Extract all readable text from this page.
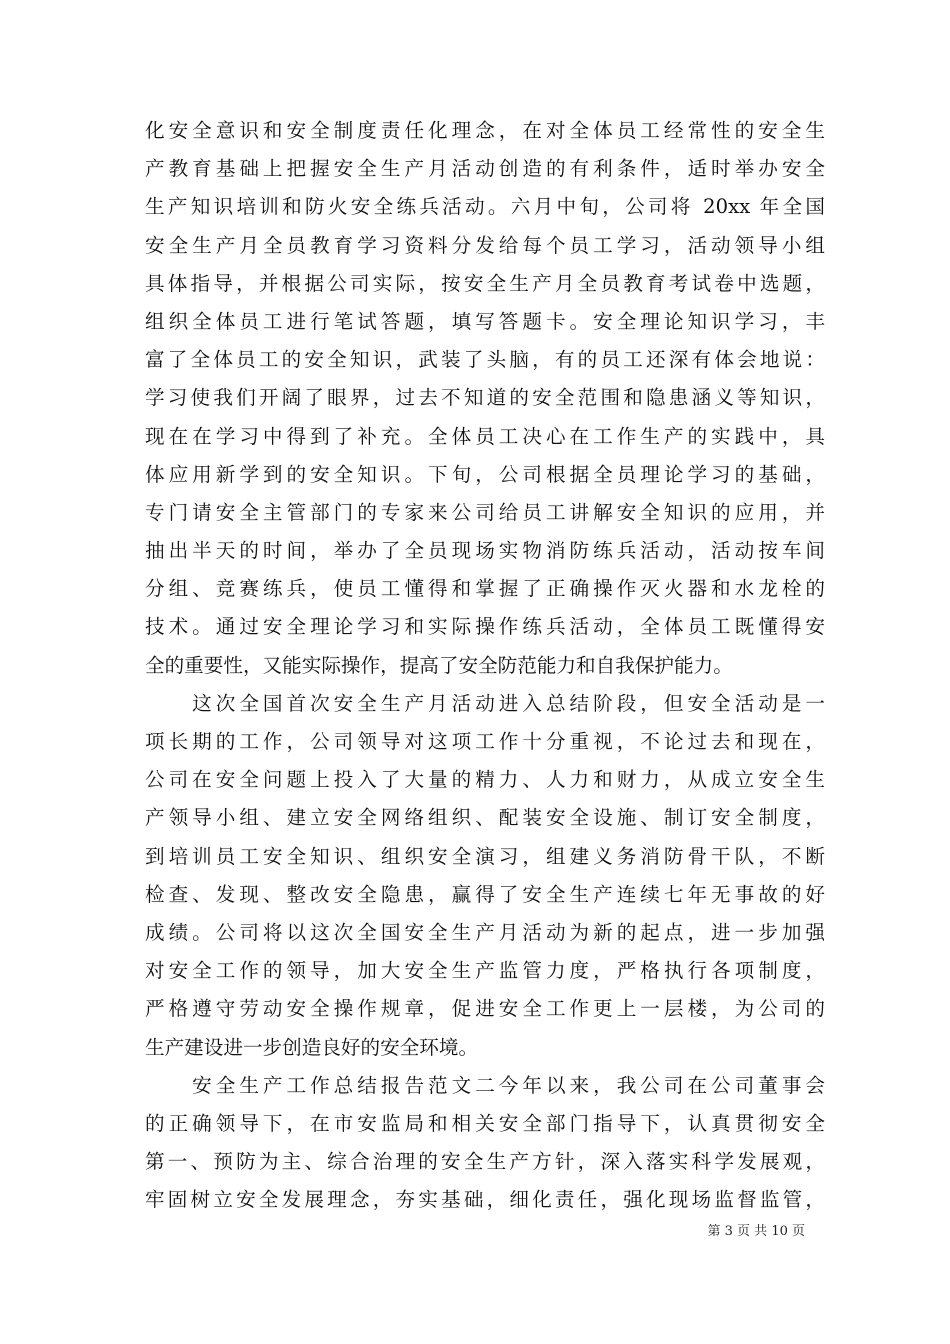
化安全意识和安全制度责任化理念，在对全体员工经常性的安全生
产教育基础上把握安全生产月活动创造的有利条件，适时举办安全
生产知识培训和防火安全练兵活动。六月中旬，公司将 20xx 年全国
安全生产月全员教育学习资料分发给每个员工学习，活动领导小组
具体指导，并根据公司实际，按安全生产月全员教育考试卷中选题，
组织全体员工进行笔试答题，填写答题卡。安全理论知识学习，丰
富了全体员工的安全知识，武装了头脑，有的员工还深有体会地说：
学习使我们开阔了眼界，过去不知道的安全范围和隐患涵义等知识，
现在在学习中得到了补充。全体员工决心在工作生产的实践中，具
体应用新学到的安全知识。下旬，公司根据全员理论学习的基础，
专门请安全主管部门的专家来公司给员工讲解安全知识的应用，并
抽出半天的时间，举办了全员现场实物消防练兵活动，活动按车间
分组、竞赛练兵，使员工懂得和掌握了正确操作灭火器和水龙栓的
技术。通过安全理论学习和实际操作练兵活动，全体员工既懂得安
全的重要性，又能实际操作，提高了安全防范能力和自我保护能力。
　　这次全国首次安全生产月活动进入总结阶段，但安全活动是一
项长期的工作，公司领导对这项工作十分重视，不论过去和现在，
公司在安全问题上投入了大量的精力、人力和财力，从成立安全生
产领导小组、建立安全网络组织、配装安全设施、制订安全制度，
到培训员工安全知识、组织安全演习，组建义务消防骨干队，不断
检查、发现、整改安全隐患，赢得了安全生产连续七年无事故的好
成绩。公司将以这次全国安全生产月活动为新的起点，进一步加强
对安全工作的领导，加大安全生产监管力度，严格执行各项制度，
严格遵守劳动安全操作规章，促进安全工作更上一层楼，为公司的
生产建设进一步创造良好的安全环境。
　　安全生产工作总结报告范文二今年以来，我公司在公司董事会
的正确领导下，在市安监局和相关安全部门指导下，认真贯彻安全
第一、预防为主、综合治理的安全生产方针，深入落实科学发展观，
牢固树立安全发展理念，夯实基础，细化责任，强化现场监督监管，
第 3 页 共 10 页
